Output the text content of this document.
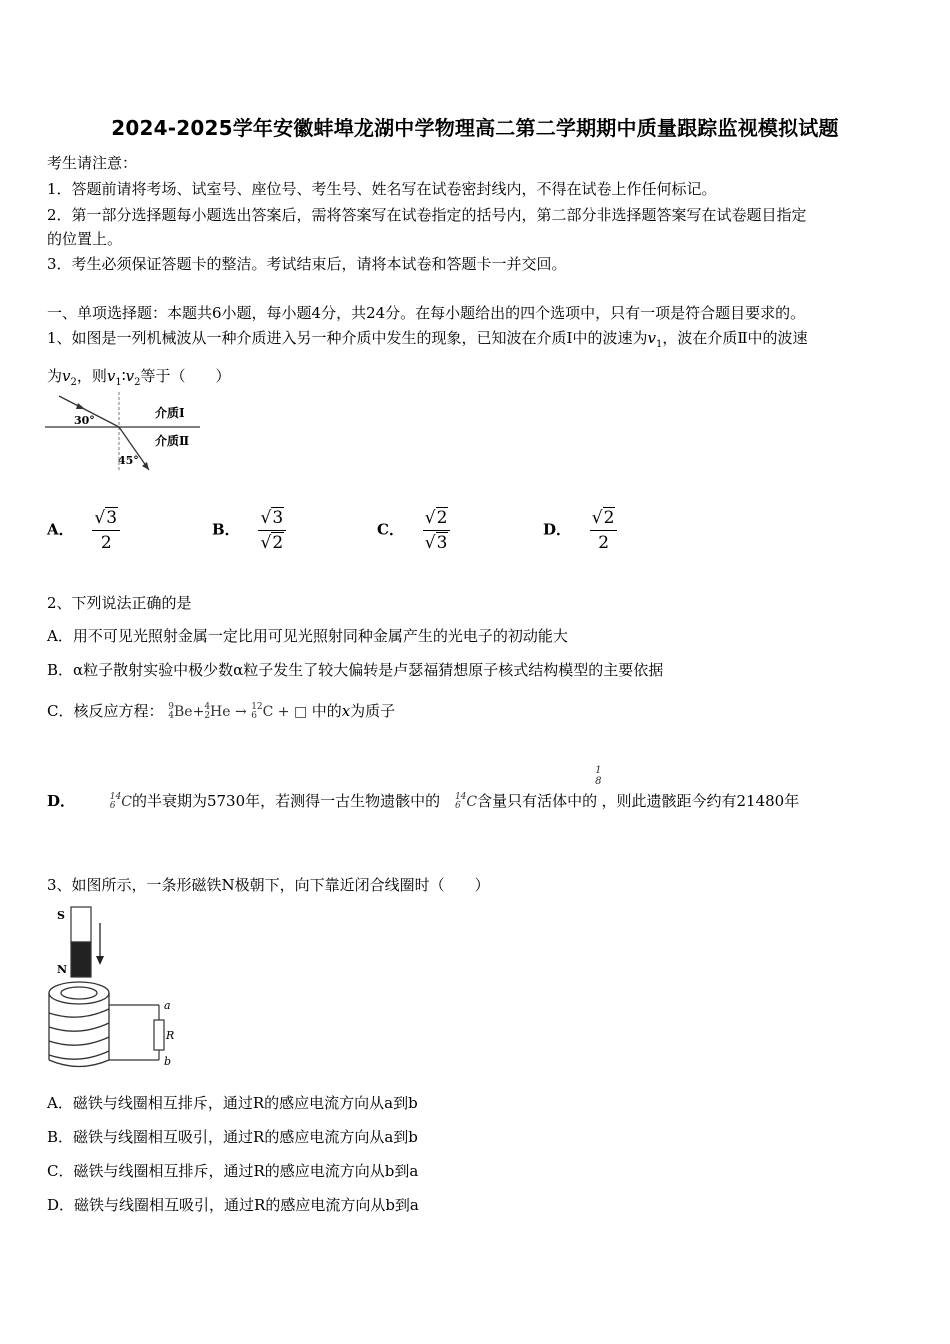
2024-2025学年安徽蚌埠龙湖中学物理高二第二学期期中质量跟踪监视模拟试题
考生请注意：
1．答题前请将考场、试室号、座位号、考生号、姓名写在试卷密封线内，不得在试卷上作任何标记。
2．第一部分选择题每小题选出答案后，需将答案写在试卷指定的括号内，第二部分非选择题答案写在试卷题目指定
的位置上。
3．考生必须保证答题卡的整洁。考试结束后，请将本试卷和答题卡一并交回。
一、单项选择题：本题共6小题，每小题4分，共24分。在每小题给出的四个选项中，只有一项是符合题目要求的。
1、如图是一列机械波从一种介质进入另一种介质中发生的现象，已知波在介质Ⅰ中的波速为$v_1$，波在介质Ⅱ中的波速
为$v_2$，则$v_1∶v_2$等于（　　）
30°
45°
介质Ⅰ
介质Ⅱ
A． $\frac{√3}{2}$	B． $\frac{√3}{√2}$	C． $\frac{√2}{√3}$	D． $\frac{√2}{2}$
2、下列说法正确的是
A．用不可见光照射金属一定比用可见光照射同种金属产生的光电子的初动能大
B．α粒子散射实验中极少数α粒子发生了较大偏转是卢瑟福猜想原子核式结构模型的主要依据
C．核反应方程： 9
4 Be+ 4
2 He → 12
6 C + □ 中的x为质子
D．	14
6 C的半衰期为5730年，若测得一古生物遗骸中的 14
6 C含量只有活体中的
1
8
，则此遗骸距今约有21480年
3、如图所示，一条形磁铁N极朝下，向下靠近闭合线圈时（　　）
S
N
a
R
b
A．磁铁与线圈相互排斥，通过R的感应电流方向从a到b
B．磁铁与线圈相互吸引，通过R的感应电流方向从a到b
C．磁铁与线圈相互排斥，通过R的感应电流方向从b到a
D．磁铁与线圈相互吸引，通过R的感应电流方向从b到a
